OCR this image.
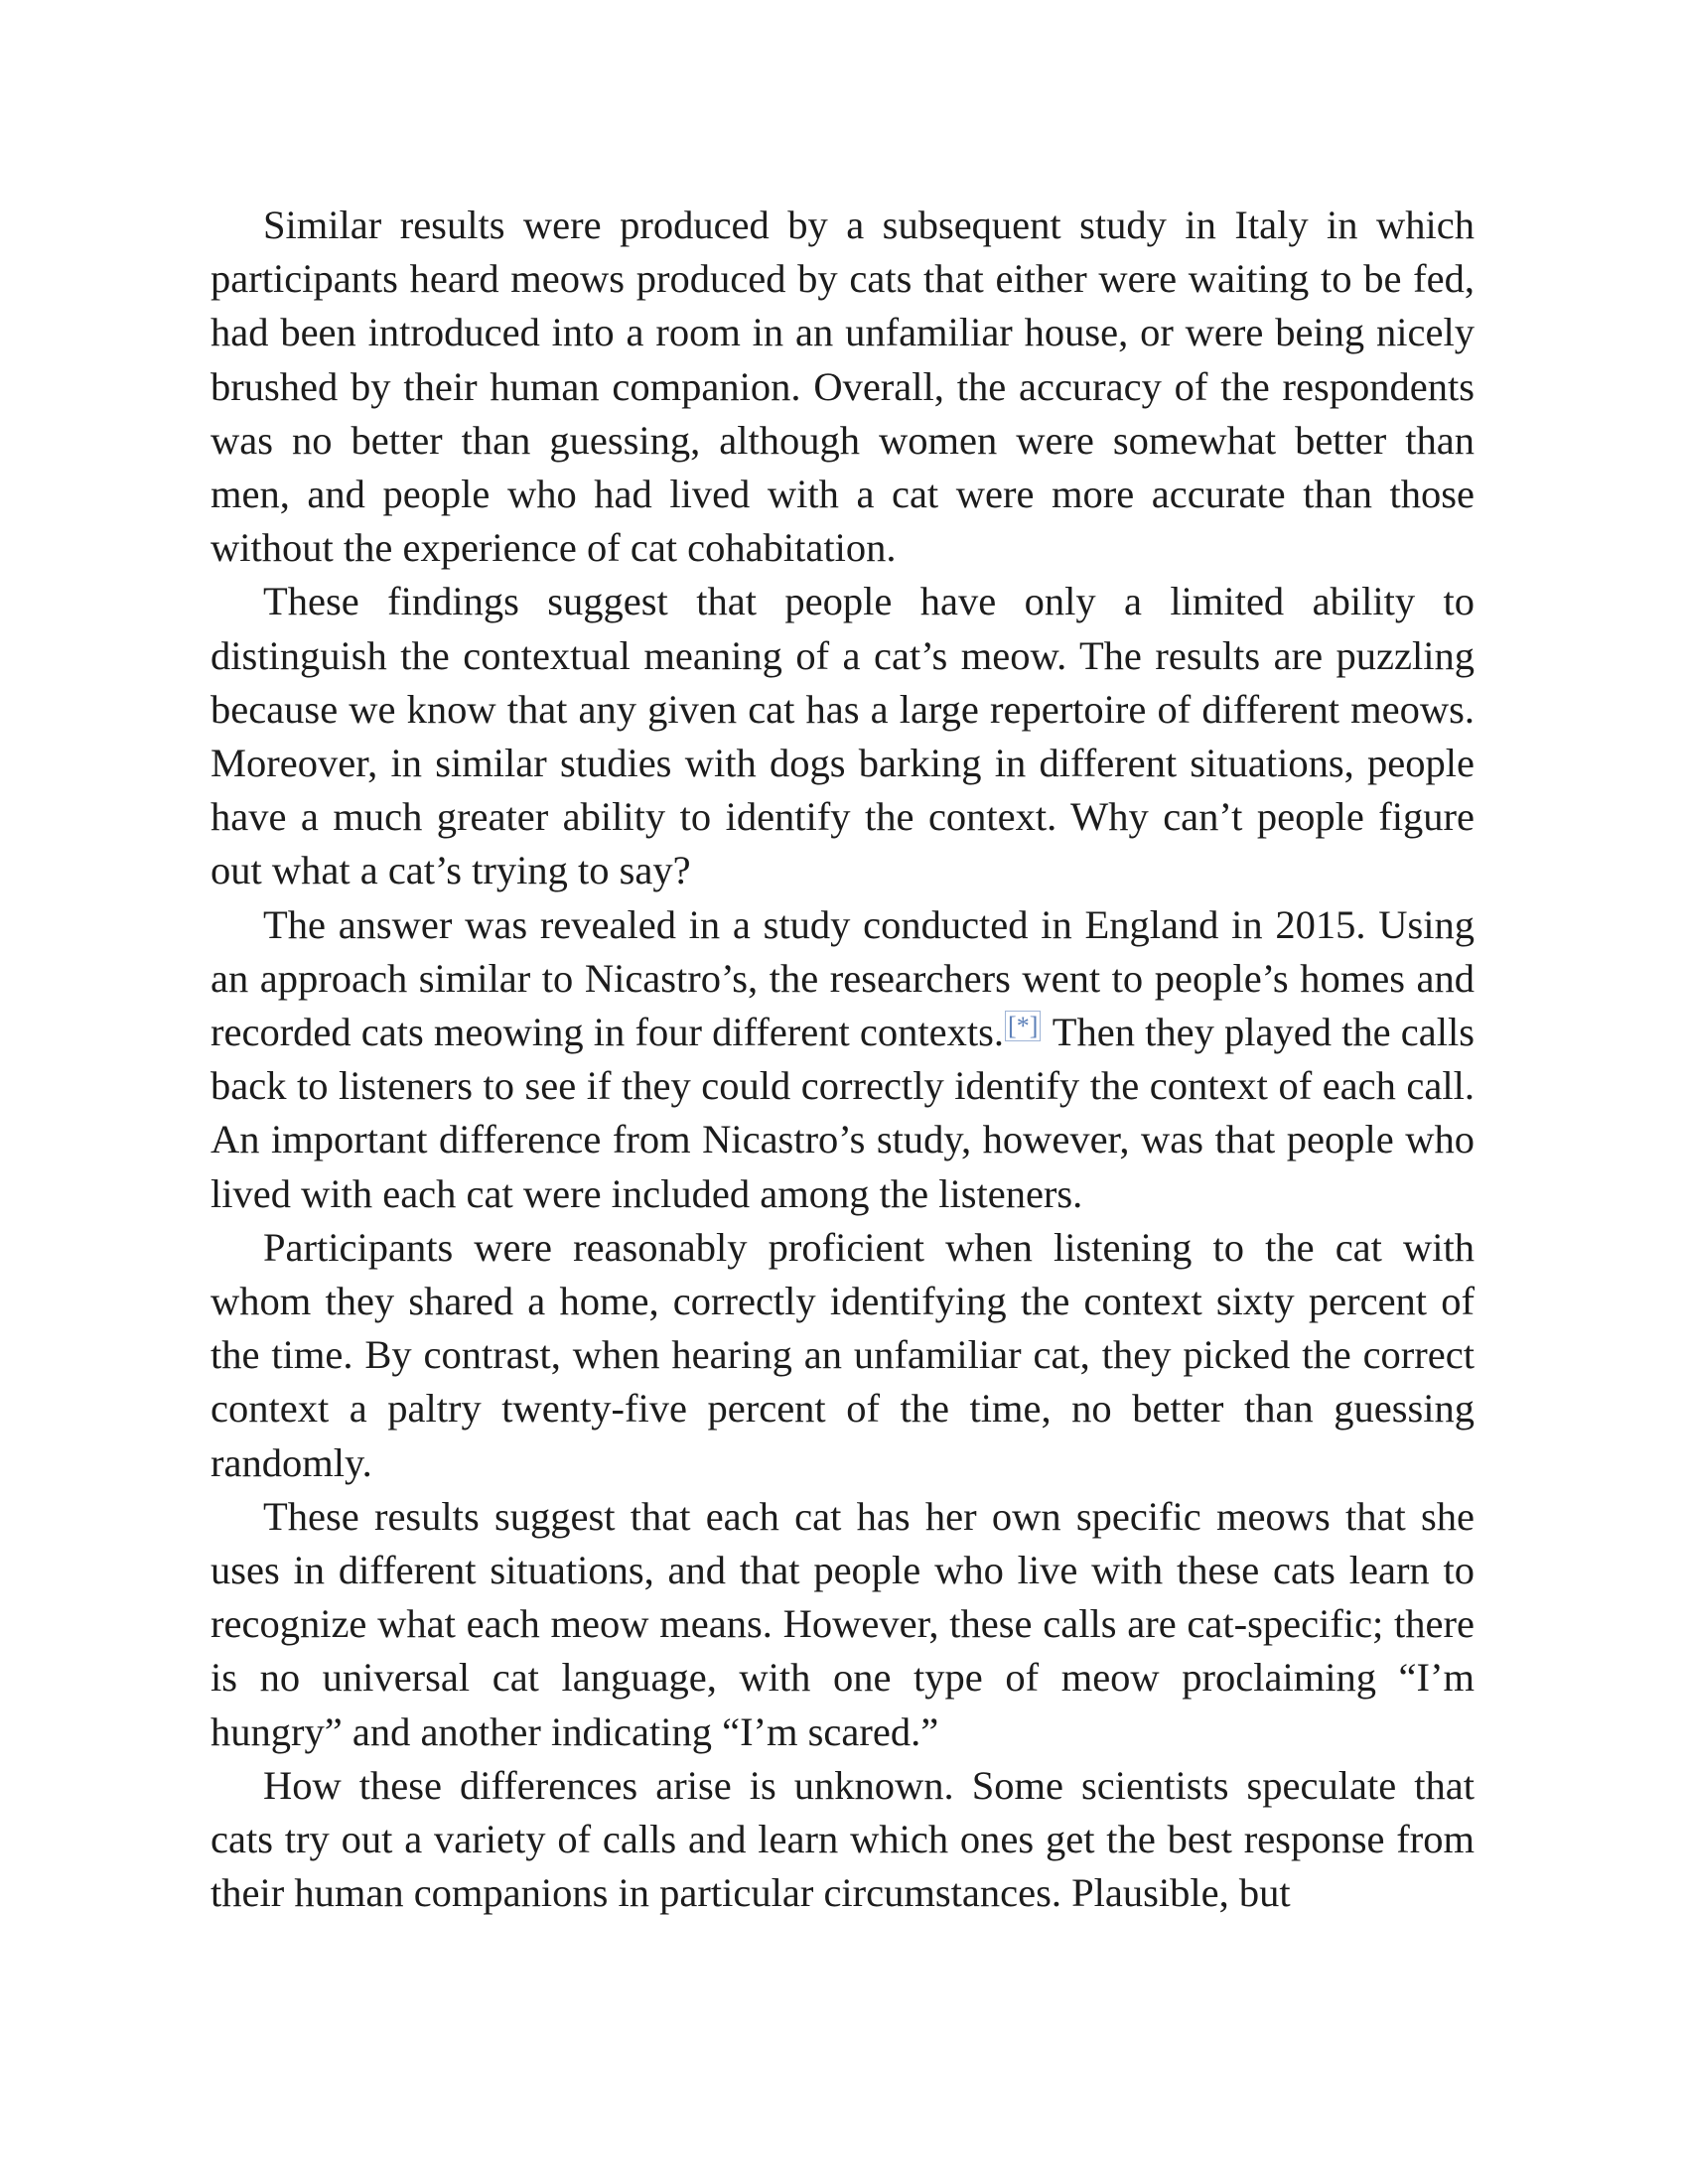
Similar results were produced by a subsequent study in Italy in which participants heard meows produced by cats that either were waiting to be fed, had been introduced into a room in an unfamiliar house, or were being nicely brushed by their human companion. Overall, the accuracy of the respondents was no better than guessing, although women were somewhat better than men, and people who had lived with a cat were more accurate than those without the experience of cat cohabitation.

These findings suggest that people have only a limited ability to distinguish the contextual meaning of a cat’s meow. The results are puzzling because we know that any given cat has a large repertoire of different meows. Moreover, in similar studies with dogs barking in different situations, people have a much greater ability to identify the context. Why can’t people figure out what a cat’s trying to say?

The answer was revealed in a study conducted in England in 2015. Using an approach similar to Nicastro’s, the researchers went to people’s homes and recorded cats meowing in four different contexts. [*] Then they played the calls back to listeners to see if they could correctly identify the context of each call. An important difference from Nicastro’s study, however, was that people who lived with each cat were included among the listeners.

Participants were reasonably proficient when listening to the cat with whom they shared a home, correctly identifying the context sixty percent of the time. By contrast, when hearing an unfamiliar cat, they picked the correct context a paltry twenty-five percent of the time, no better than guessing randomly.

These results suggest that each cat has her own specific meows that she uses in different situations, and that people who live with these cats learn to recognize what each meow means. However, these calls are cat-specific; there is no universal cat language, with one type of meow proclaiming “I’m hungry” and another indicating “I’m scared.”

How these differences arise is unknown. Some scientists speculate that cats try out a variety of calls and learn which ones get the best response from their human companions in particular circumstances. Plausible, but
